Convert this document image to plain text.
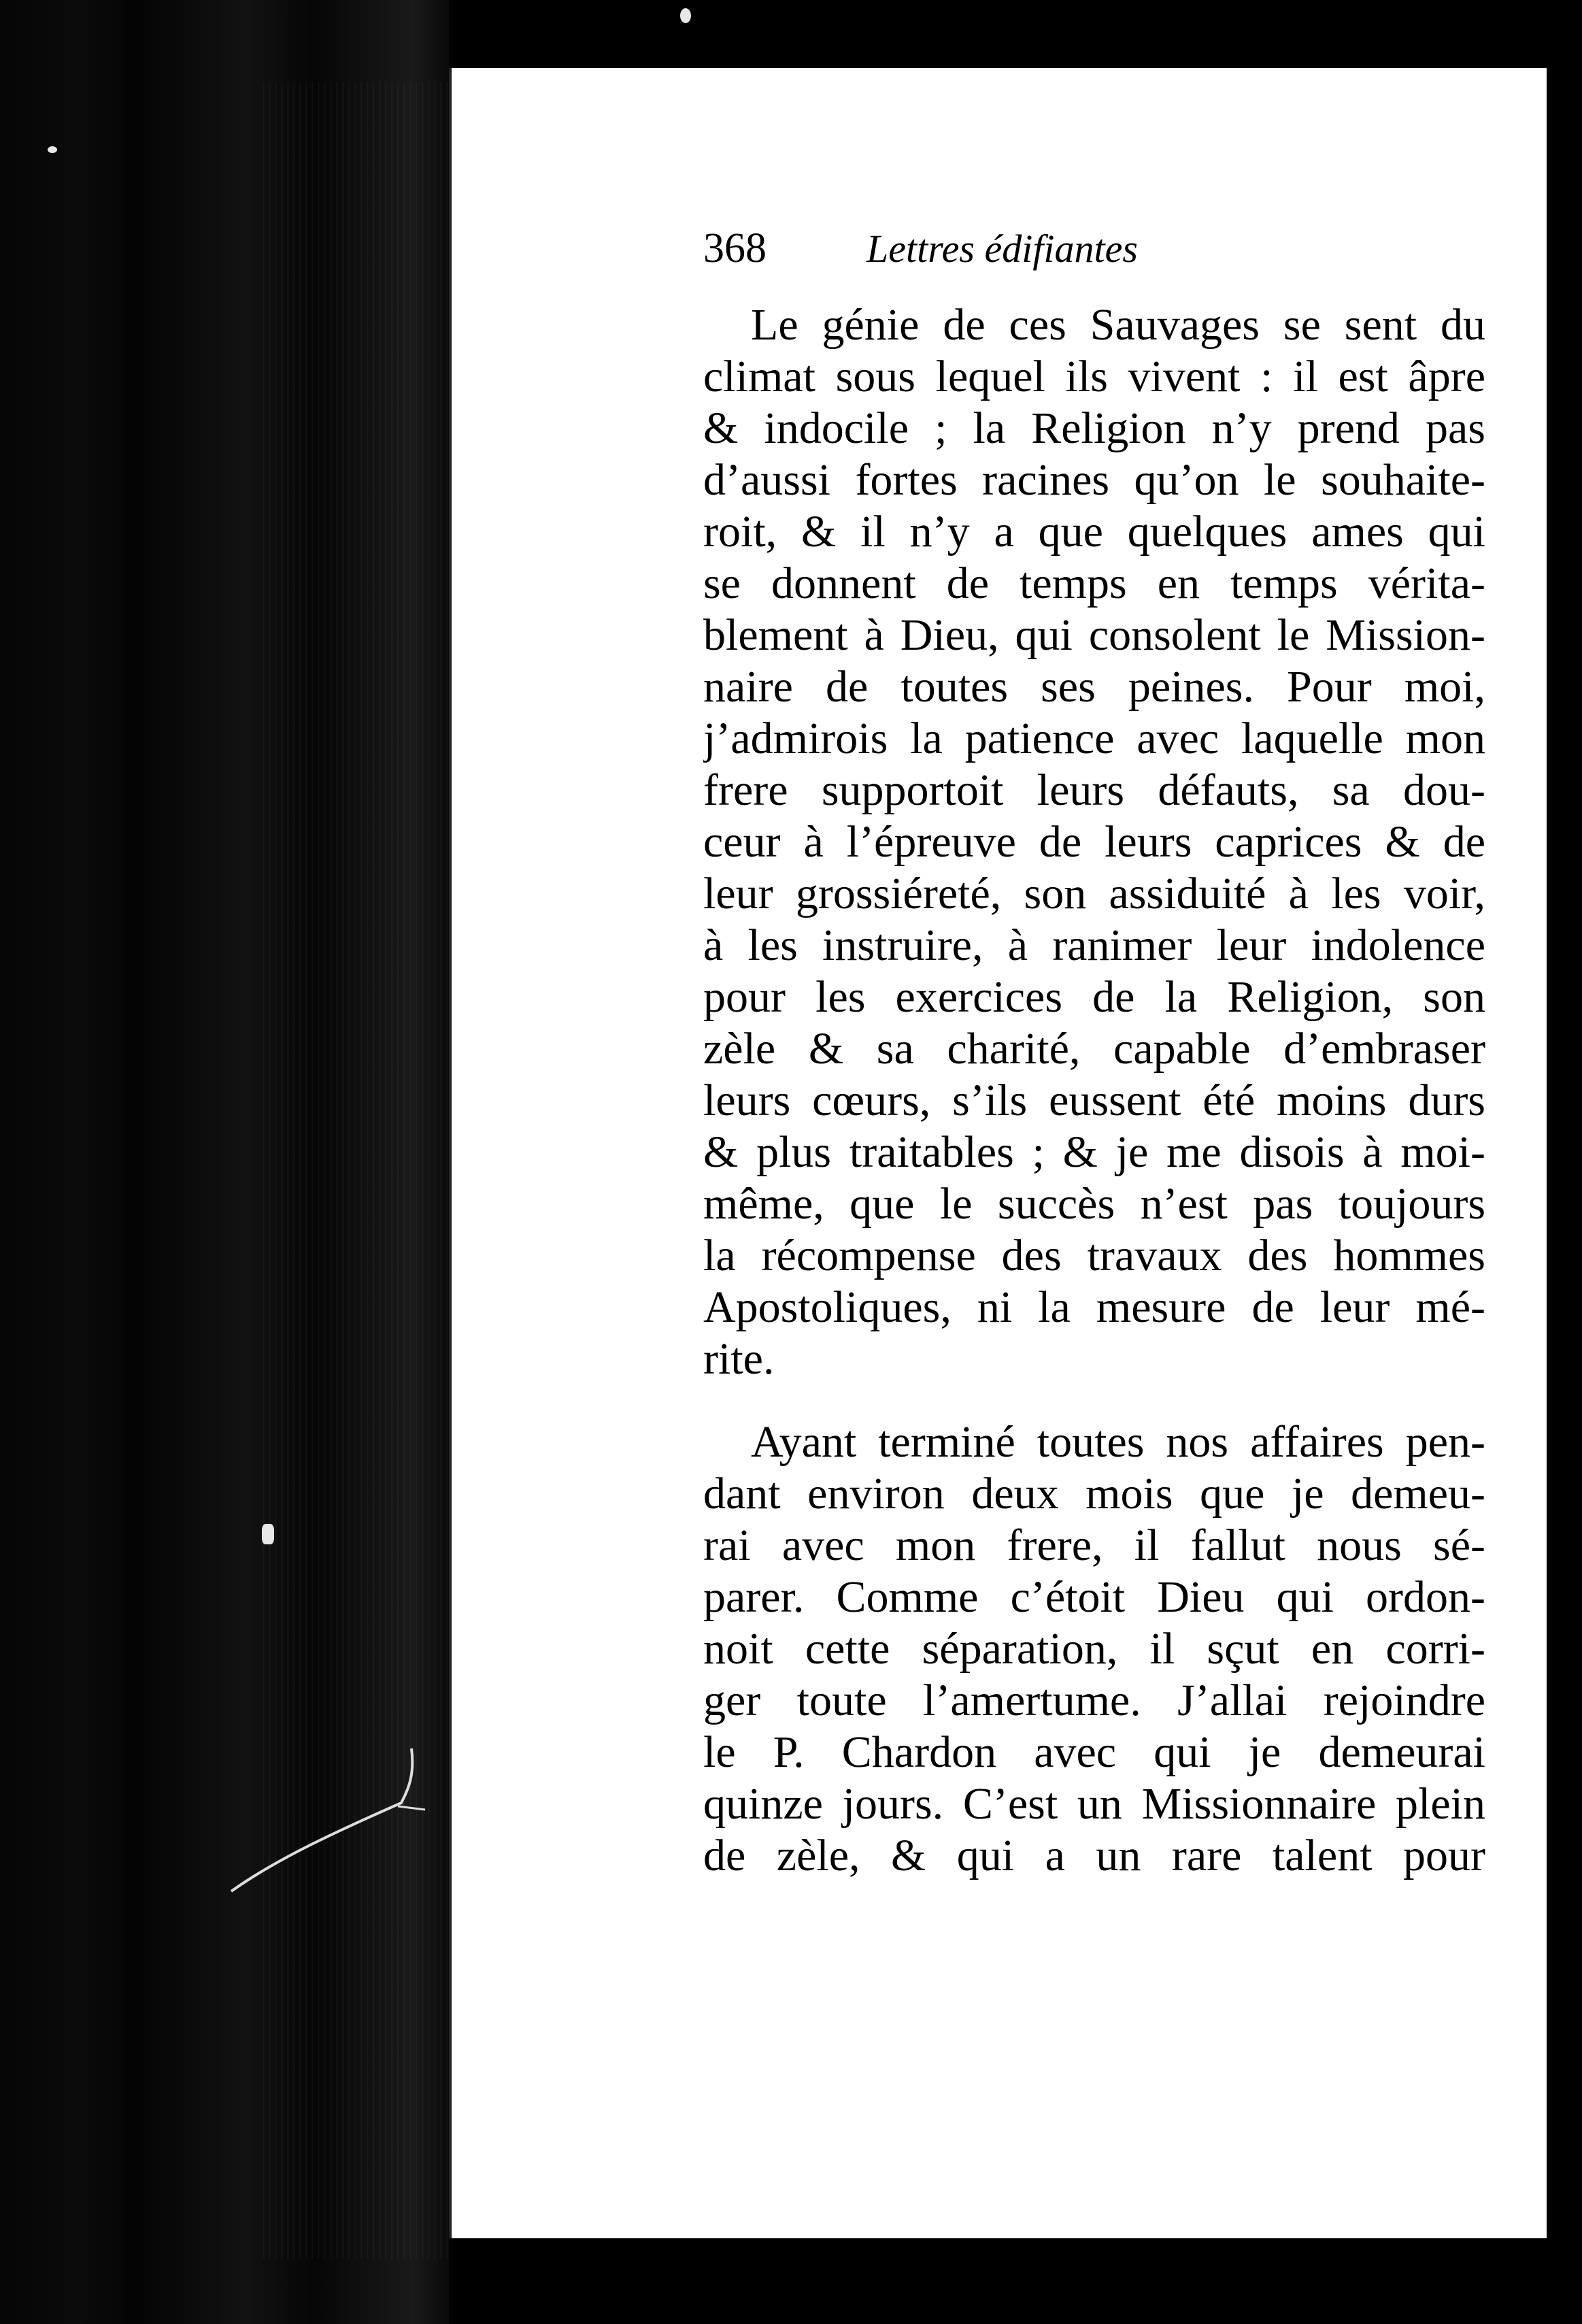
368	Lettres édifiantes
Le génie de ces Sauvages se sent du
climat sous lequel ils vivent : il est âpre
& indocile ; la Religion n’y prend pas
d’aussi fortes racines qu’on le souhaite-
roit, & il n’y a que quelques ames qui
se donnent de temps en temps vérita-
blement à Dieu, qui consolent le Mission-
naire de toutes ses peines. Pour moi,
j’admirois la patience avec laquelle mon
frere supportoit leurs défauts, sa dou-
ceur à l’épreuve de leurs caprices & de
leur grossiéreté, son assiduité à les voir,
à les instruire, à ranimer leur indolence
pour les exercices de la Religion, son
zèle & sa charité, capable d’embraser
leurs cœurs, s’ils eussent été moins durs
& plus traitables ; & je me disois à moi-
même, que le succès n’est pas toujours
la récompense des travaux des hommes
Apostoliques, ni la mesure de leur mé-
rite.
Ayant terminé toutes nos affaires pen-
dant environ deux mois que je demeu-
rai avec mon frere, il fallut nous sé-
parer. Comme c’étoit Dieu qui ordon-
noit cette séparation, il sçut en corri-
ger toute l’amertume. J’allai rejoindre
le P. Chardon avec qui je demeurai
quinze jours. C’est un Missionnaire plein
de zèle, & qui a un rare talent pour
